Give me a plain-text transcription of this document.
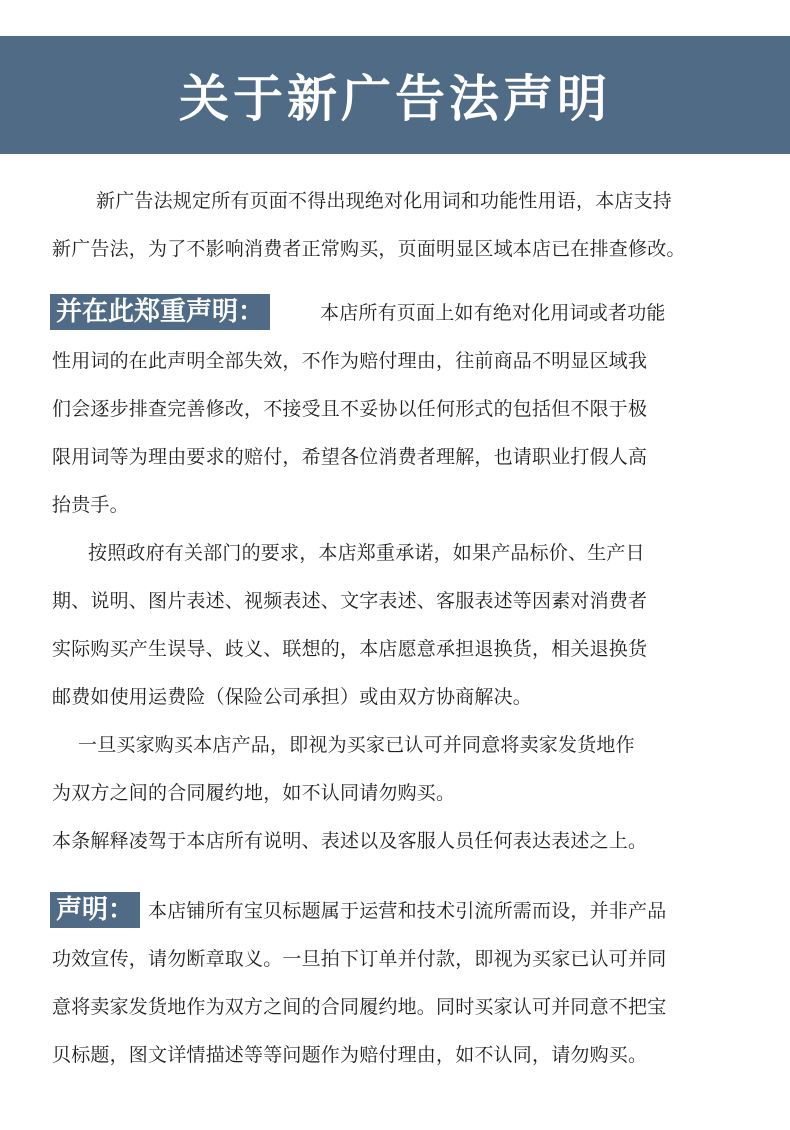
关于新广告法声明
新广告法规定所有页面不得出现绝对化用词和功能性用语，本店支持
新广告法，为了不影响消费者正常购买，页面明显区域本店已在排查修改。
并在此郑重声明：	本店所有页面上如有绝对化用词或者功能
性用词的在此声明全部失效，不作为赔付理由，往前商品不明显区域我
们会逐步排查完善修改，不接受且不妥协以任何形式的包括但不限于极
限用词等为理由要求的赔付，希望各位消费者理解，也请职业打假人高
抬贵手。
按照政府有关部门的要求，本店郑重承诺，如果产品标价、生产日
期、说明、图片表述、视频表述、文字表述、客服表述等因素对消费者
实际购买产生误导、歧义、联想的，本店愿意承担退换货，相关退换货
邮费如使用运费险（保险公司承担）或由双方协商解决。
一旦买家购买本店产品，即视为买家已认可并同意将卖家发货地作
为双方之间的合同履约地，如不认同请勿购买。
本条解释凌驾于本店所有说明、表述以及客服人员任何表达表述之上。
声明： 本店铺所有宝贝标题属于运营和技术引流所需而设，并非产品
功效宣传，请勿断章取义。一旦拍下订单并付款，即视为买家已认可并同
意将卖家发货地作为双方之间的合同履约地。同时买家认可并同意不把宝
贝标题，图文详情描述等等问题作为赔付理由，如不认同，请勿购买。
